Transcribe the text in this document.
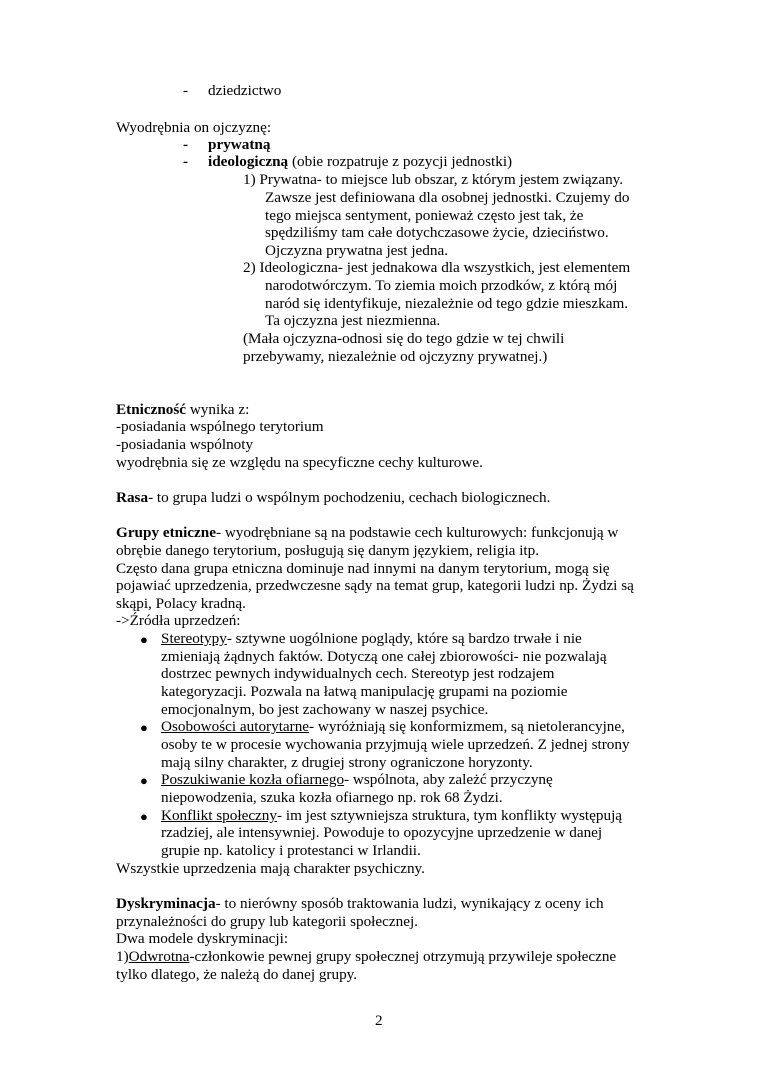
- dziedzictwo
Wyodrębnia on ojczyznę:
- prywatną
- ideologiczną (obie rozpatruje z pozycji jednostki)
1) Prywatna- to miejsce lub obszar, z którym jestem związany.
Zawsze jest definiowana dla osobnej jednostki. Czujemy do
tego miejsca sentyment, ponieważ często jest tak, że
spędziliśmy tam całe dotychczasowe życie, dzieciństwo.
Ojczyzna prywatna jest jedna.
2) Ideologiczna- jest jednakowa dla wszystkich, jest elementem
narodotwórczym. To ziemia moich przodków, z którą mój
naród się identyfikuje, niezależnie od tego gdzie mieszkam.
Ta ojczyzna jest niezmienna.
(Mała ojczyzna-odnosi się do tego gdzie w tej chwili
przebywamy, niezależnie od ojczyzny prywatnej.)
Etniczność wynika z:
-posiadania wspólnego terytorium
-posiadania wspólnoty
wyodrębnia się ze względu na specyficzne cechy kulturowe.
Rasa- to grupa ludzi o wspólnym pochodzeniu, cechach biologicznech.
Grupy etniczne- wyodrębniane są na podstawie cech kulturowych: funkcjonują w
obrębie danego terytorium, posługują się danym językiem, religia itp.
Często dana grupa etniczna dominuje nad innymi na danym terytorium, mogą się
pojawiać uprzedzenia, przedwczesne sądy na temat grup, kategorii ludzi np. Żydzi są
skąpi, Polacy kradną.
->Źródła uprzedzeń:
● Stereotypy- sztywne uogólnione poglądy, które są bardzo trwałe i nie
zmieniają żądnych faktów. Dotyczą one całej zbiorowości- nie pozwalają
dostrzec pewnych indywidualnych cech. Stereotyp jest rodzajem
kategoryzacji. Pozwala na łatwą manipulację grupami na poziomie
emocjonalnym, bo jest zachowany w naszej psychice.
● Osobowości autorytarne- wyróżniają się konformizmem, są nietolerancyjne,
osoby te w procesie wychowania przyjmują wiele uprzedzeń. Z jednej strony
mają silny charakter, z drugiej strony ograniczone horyzonty.
● Poszukiwanie kozła ofiarnego- wspólnota, aby zależć przyczynę
niepowodzenia, szuka kozła ofiarnego np. rok 68 Żydzi.
● Konflikt społeczny- im jest sztywniejsza struktura, tym konflikty występują
rzadziej, ale intensywniej. Powoduje to opozycyjne uprzedzenie w danej
grupie np. katolicy i protestanci w Irlandii.
Wszystkie uprzedzenia mają charakter psychiczny.
Dyskryminacja- to nierówny sposób traktowania ludzi, wynikający z oceny ich
przynależności do grupy lub kategorii społecznej.
Dwa modele dyskryminacji:
1)Odwrotna-członkowie pewnej grupy społecznej otrzymują przywileje społeczne
tylko dlatego, że należą do danej grupy.
2
